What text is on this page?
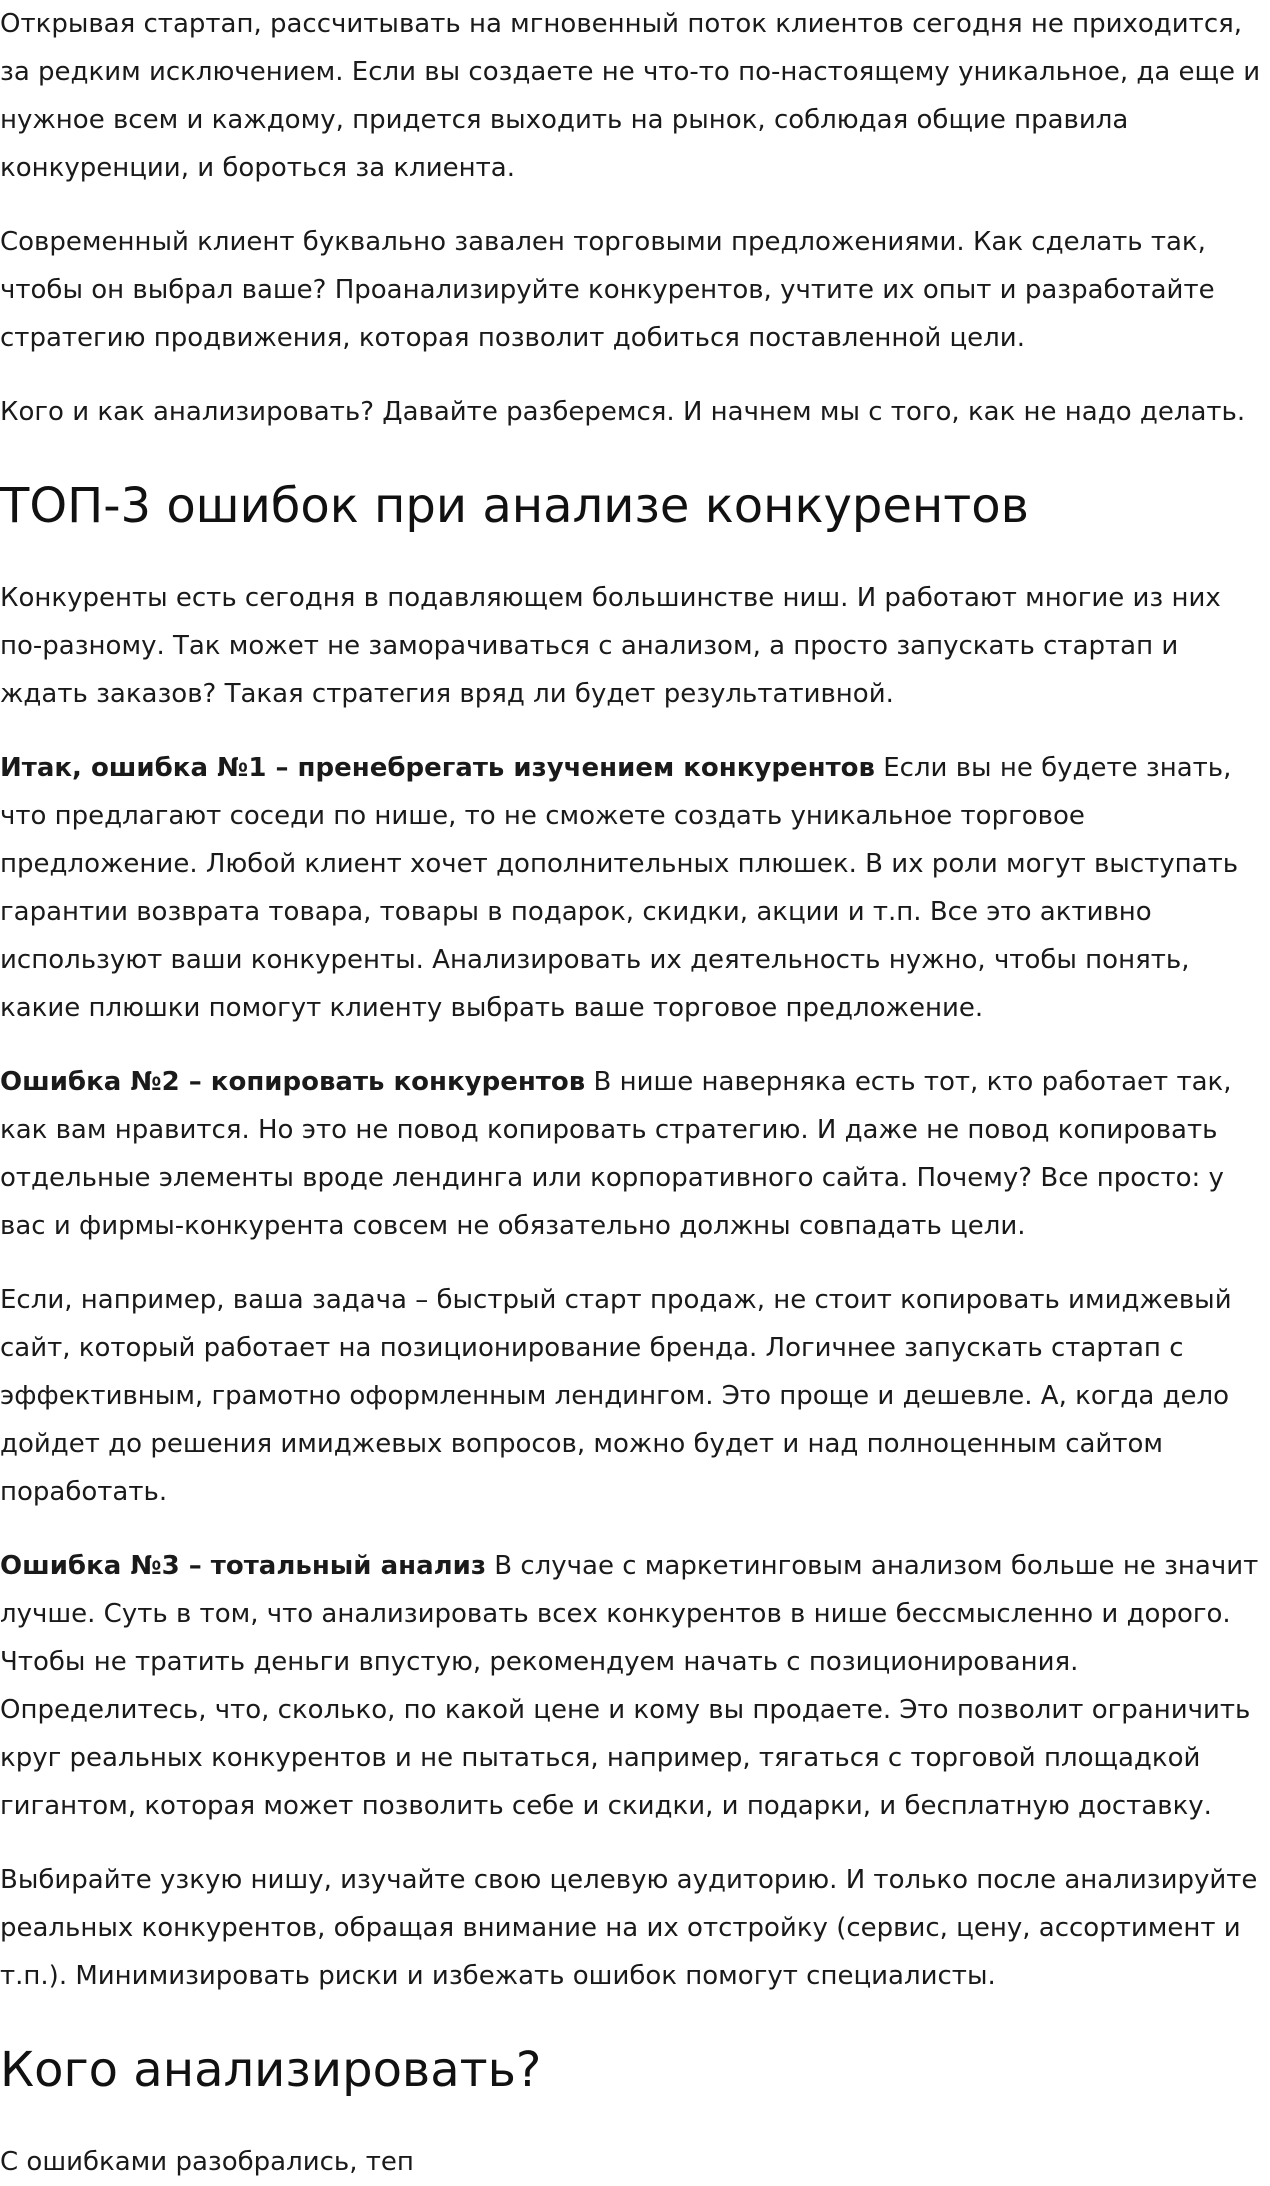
Открывая стартап, рассчитывать на мгновенный поток клиентов сегодня не приходится, за редким исключением. Если вы создаете не что-то по-настоящему уникальное, да еще и нужное всем и каждому, придется выходить на рынок, соблюдая общие правила конкуренции, и бороться за клиента.

Современный клиент буквально завален торговыми предложениями. Как сделать так, чтобы он выбрал ваше? Проанализируйте конкурентов, учтите их опыт и разработайте стратегию продвижения, которая позволит добиться поставленной цели.

Кого и как анализировать? Давайте разберемся. И начнем мы с того, как не надо делать.

ТОП-3 ошибок при анализе конкурентов

Конкуренты есть сегодня в подавляющем большинстве ниш. И работают многие из них по-разному. Так может не заморачиваться с анализом, а просто запускать стартап и ждать заказов? Такая стратегия вряд ли будет результативной.

Итак, ошибка №1 – пренебрегать изучением конкурентов Если вы не будете знать, что предлагают соседи по нише, то не сможете создать уникальное торговое предложение. Любой клиент хочет дополнительных плюшек. В их роли могут выступать гарантии возврата товара, товары в подарок, скидки, акции и т.п. Все это активно используют ваши конкуренты. Анализировать их деятельность нужно, чтобы понять, какие плюшки помогут клиенту выбрать ваше торговое предложение.

Ошибка №2 – копировать конкурентов В нише наверняка есть тот, кто работает так, как вам нравится. Но это не повод копировать стратегию. И даже не повод копировать отдельные элементы вроде лендинга или корпоративного сайта. Почему? Все просто: у вас и фирмы-конкурента совсем не обязательно должны совпадать цели.

Если, например, ваша задача – быстрый старт продаж, не стоит копировать имиджевый сайт, который работает на позиционирование бренда. Логичнее запускать стартап с эффективным, грамотно оформленным лендингом. Это проще и дешевле. А, когда дело дойдет до решения имиджевых вопросов, можно будет и над полноценным сайтом поработать.

Ошибка №3 – тотальный анализ В случае с маркетинговым анализом больше не значит лучше. Суть в том, что анализировать всех конкурентов в нише бессмысленно и дорого. Чтобы не тратить деньги впустую, рекомендуем начать с позиционирования. Определитесь, что, сколько, по какой цене и кому вы продаете. Это позволит ограничить круг реальных конкурентов и не пытаться, например, тягаться с торговой площадкой гигантом, которая может позволить себе и скидки, и подарки, и бесплатную доставку.

Выбирайте узкую нишу, изучайте свою целевую аудиторию. И только после анализируйте реальных конкурентов, обращая внимание на их отстройку (сервис, цену, ассортимент и т.п.). Минимизировать риски и избежать ошибок помогут специалисты.

Кого анализировать?

С ошибками разобрались, теп
